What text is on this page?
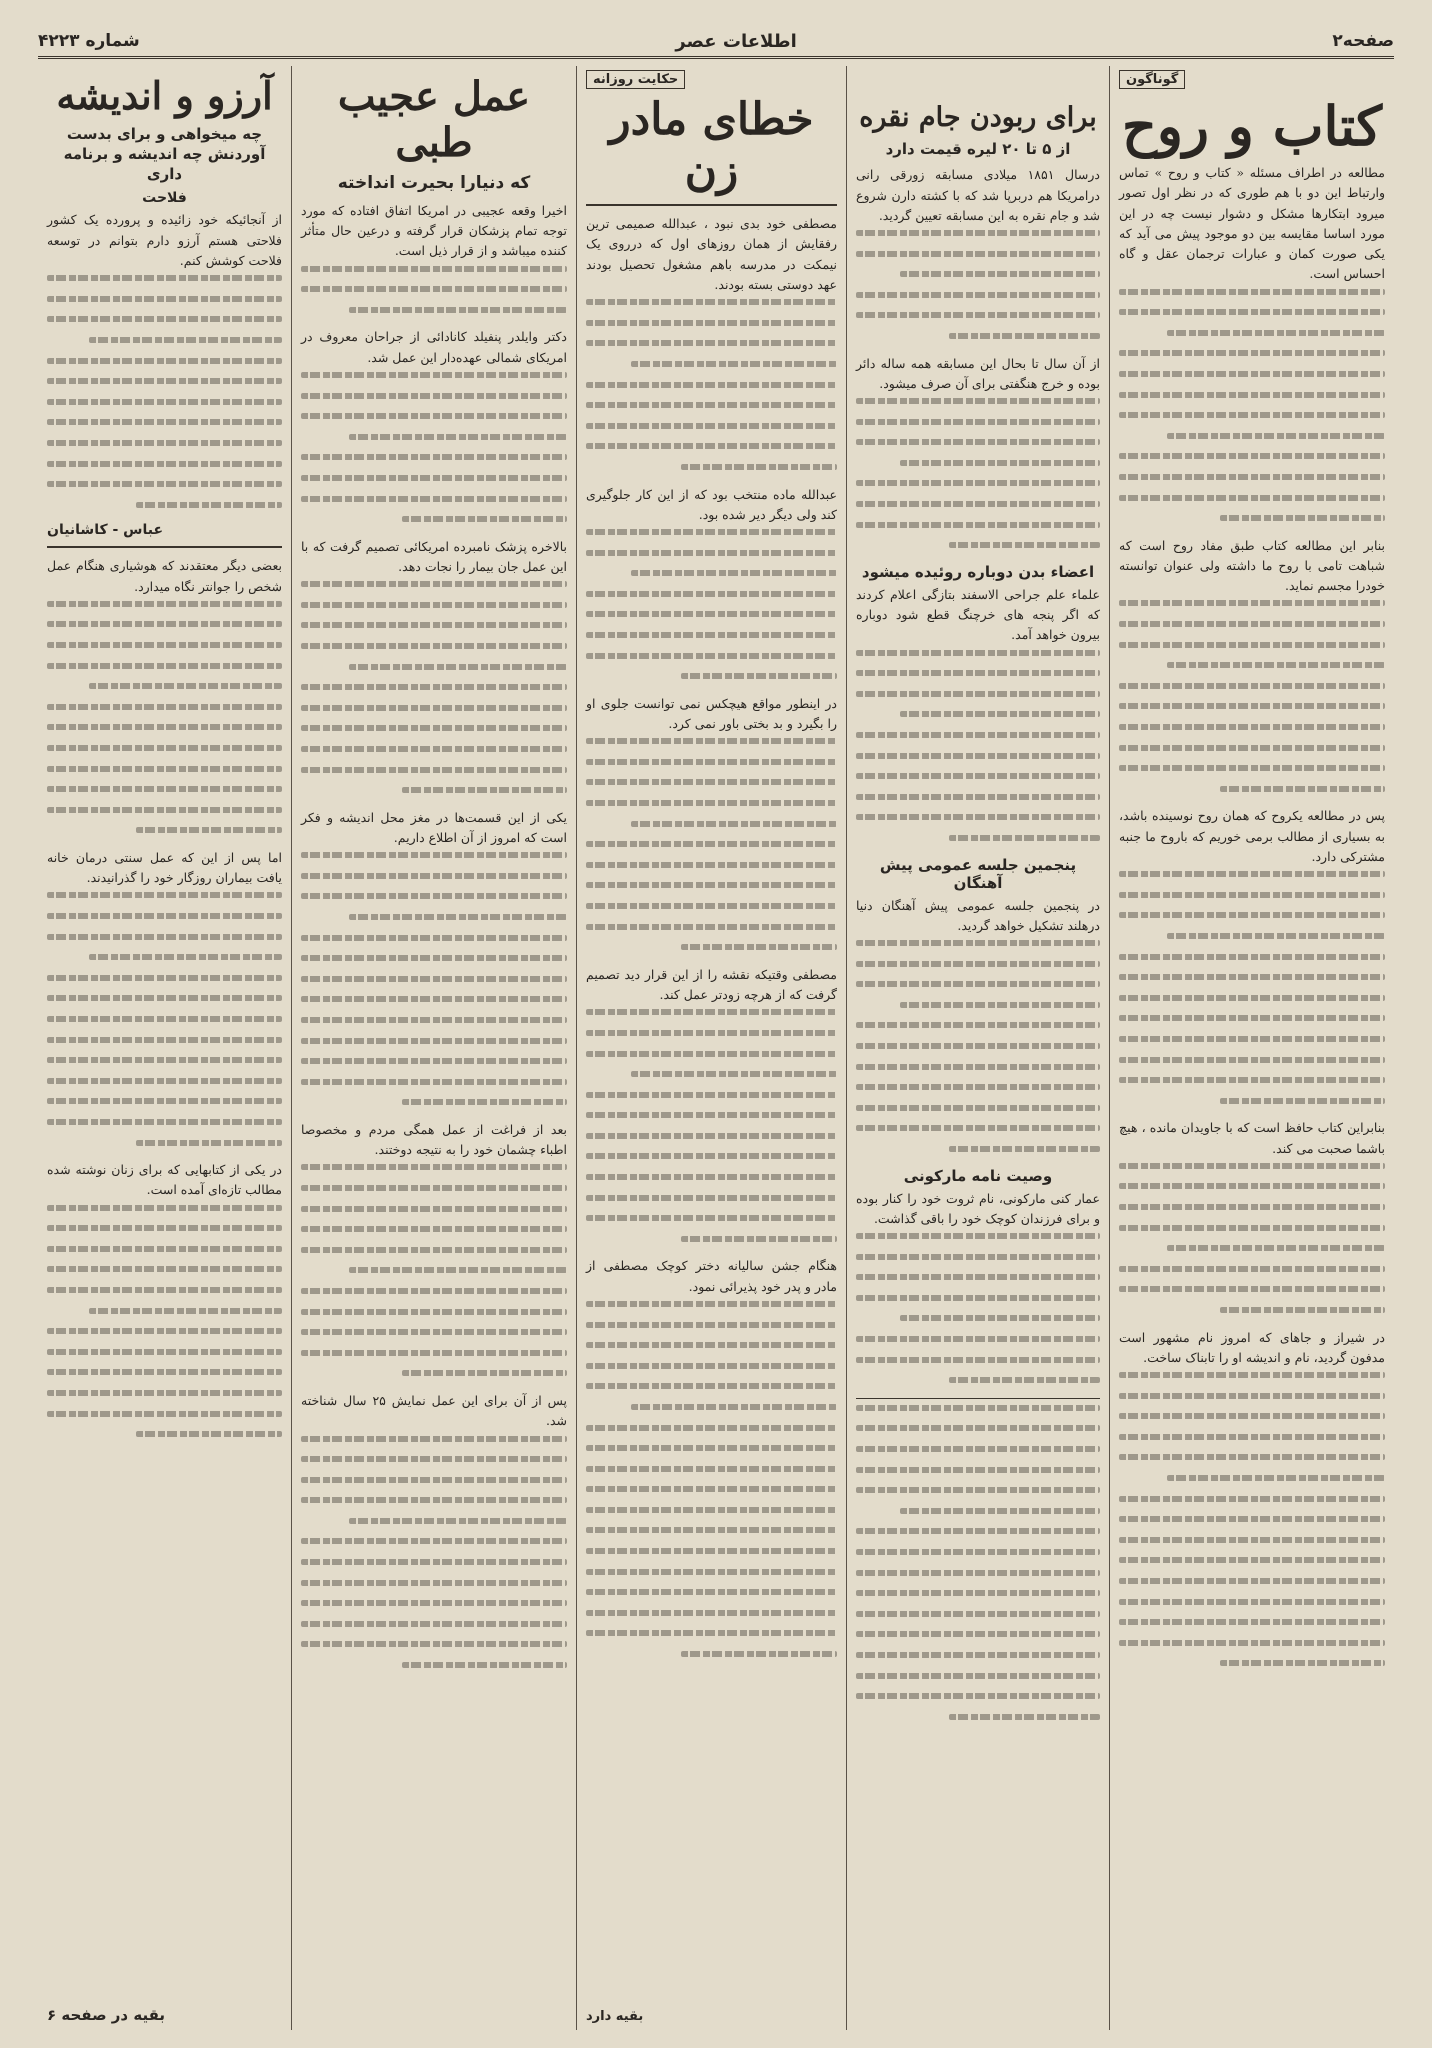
صفحه۲
اطلاعات عصر
شماره ۴۲۲۳
گوناگون
کتاب و روح

مطالعه در اطراف مسئله « کتاب و روح » تماس وارتباط این دو با هم طوری که در نظر اول تصور میرود ابتکارها مشکل و دشوار نیست چه در این مورد اساسا مقایسه بین دو موجود پیش می آید که یکی صورت کمان و عبارات ترجمان عقل و گاه احساس است.

بنابر این مطالعه کتاب طبق مفاد روح است که شباهت تامی با روح ما داشته ولی عنوان توانسته خودرا مجسم نماید.

پس در مطالعه یکروح که همان روح نوسینده باشد، به بسیاری از مطالب برمی خوریم که باروح ما جنبه مشترکی دارد.

بنابراین کتاب حافظ است که با جاویدان مانده ، هیچ باشما صحبت می کند.

در شیراز و جاهای که امروز نام مشهور است مدفون گردید، نام و اندیشه او را تابناک ساخت.

برای ربودن جام نقره
از ۵ تا ۲۰ لیره قیمت دارد

درسال ۱۸۵۱ میلادی مسابقه زورقی رانی درامریکا هم دربرپا شد که با کشته دارن شروع شد و جام نقره به این مسابقه تعیین گردید.

از آن سال تا بحال این مسابقه همه ساله دائر بوده و خرج هنگفتی برای آن صرف میشود.

اعضاء بدن دوباره روئیده میشود

علماء علم جراحی الاسفند بتازگی اعلام کردند که اگر پنجه های خرچنگ قطع شود دوباره بیرون خواهد آمد.

پنجمین جلسه عمومی پیش آهنگان

در پنجمین جلسه عمومی پیش آهنگان دنیا درهلند تشکیل خواهد گردید.

وصیت نامه مارکونی

عمار کنی مارکونی، نام ثروت خود را کنار بوده و برای فرزندان کوچک خود را باقی گذاشت.

حکایت روزانه
خطای مادر زن

مصطفی خود بدی نبود ، عبدالله صمیمی ترین رفقایش از همان روزهای اول که درروی یک نیمکت در مدرسه باهم مشغول تحصیل بودند عهد دوستی بسته بودند.

عبدالله ماده منتخب بود که از این کار جلوگیری کند ولی دیگر دیر شده بود.

در اینطور مواقع هیچکس نمی توانست جلوی او را بگیرد و بد بختی باور نمی کرد.

مصطفی وقتیکه نقشه را از این قرار دید تصمیم گرفت که از هرچه زودتر عمل کند.

هنگام جشن سالیانه دختر کوچک مصطفی از مادر و پدر خود پذیرائی نمود.

بقیه دارد
عمل عجیب طبی
که دنیارا بحیرت انداخته

اخیرا وقعه عجیبی در امریکا اتفاق افتاده که مورد توجه تمام پزشکان قرار گرفته و درعین حال متأثر کننده میباشد و از قرار ذیل است.

دکتر وایلدر پنفیلد کانادائی از جراحان معروف در امریکای شمالی عهده‌دار این عمل شد.

بالاخره پزشک نامبرده امریکائی تصمیم گرفت که با این عمل جان بیمار را نجات دهد.

یکی از این قسمت‌ها در مغز محل اندیشه و فکر است که امروز از آن اطلاع داریم.

بعد از فراغت از عمل همگی مردم و مخصوصا اطباء چشمان خود را به نتیجه دوختند.

پس از آن برای این عمل نمایش ۲۵ سال شناخته شد.

آرزو و اندیشه
چه میخواهی و برای بدست آوردنش چه اندیشه و برنامه داری
فلاحت

از آنجائیکه خود زائیده و پرورده یک کشور فلاحتی هستم آرزو دارم بتوانم در توسعه فلاحت کوشش کنم.

عباس - کاشانیان

بعضی دیگر معتقدند که هوشیاری هنگام عمل شخص را جوانتر نگاه میدارد.

اما پس از این که عمل سنتی درمان خانه یافت بیماران روزگار خود را گذرانیدند.

در یکی از کتابهایی که برای زنان نوشته شده مطالب تازه‌ای آمده است.

بقیه در صفحه ۶
